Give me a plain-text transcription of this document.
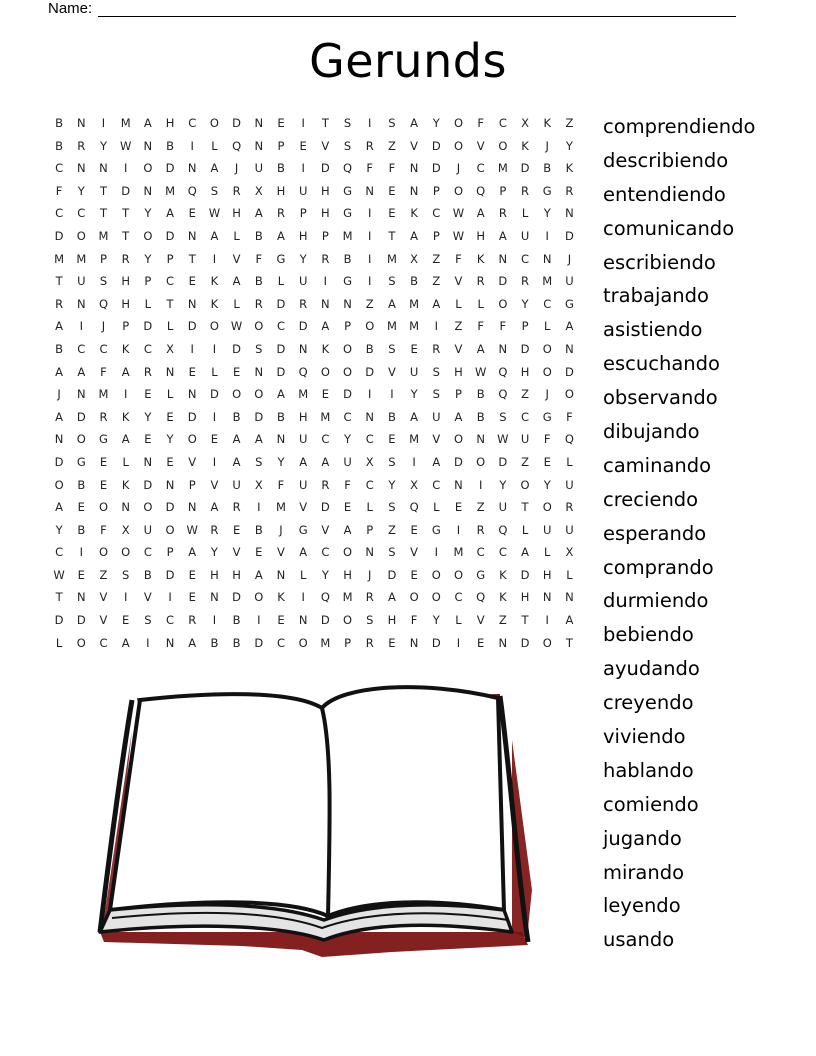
Name:
Gerunds
B	N	I	M	A	H	C	O	D	N	E	I	T	S	I	S	A	Y	O	F	C	X	K	Z
B	R	Y	W	N	B	I	L	Q	N	P	E	V	S	R	Z	V	D	O	V	O	K	J	Y
C	N	N	I	O	D	N	A	J	U	B	I	D	Q	F	F	N	D	J	C	M	D	B	K
F	Y	T	D	N	M	Q	S	R	X	H	U	H	G	N	E	N	P	O	Q	P	R	G	R
C	C	T	T	Y	A	E	W	H	A	R	P	H	G	I	E	K	C	W	A	R	L	Y	N
D	O	M	T	O	D	N	A	L	B	A	H	P	M	I	T	A	P	W	H	A	U	I	D
M	M	P	R	Y	P	T	I	V	F	G	Y	R	B	I	M	X	Z	F	K	N	C	N	J
T	U	S	H	P	C	E	K	A	B	L	U	I	G	I	S	B	Z	V	R	D	R	M	U
R	N	Q	H	L	T	N	K	L	R	D	R	N	N	Z	A	M	A	L	L	O	Y	C	G
A	I	J	P	D	L	D	O	W	O	C	D	A	P	O	M	M	I	Z	F	F	P	L	A
B	C	C	K	C	X	I	I	D	S	D	N	K	O	B	S	E	R	V	A	N	D	O	N
A	A	F	A	R	N	E	L	E	N	D	Q	O	O	D	V	U	S	H	W	Q	H	O	D
J	N	M	I	E	L	N	D	O	O	A	M	E	D	I	I	Y	S	P	B	Q	Z	J	O
A	D	R	K	Y	E	D	I	B	D	B	H	M	C	N	B	A	U	A	B	S	C	G	F
N	O	G	A	E	Y	O	E	A	A	N	U	C	Y	C	E	M	V	O	N	W	U	F	Q
D	G	E	L	N	E	V	I	A	S	Y	A	A	U	X	S	I	A	D	O	D	Z	E	L
O	B	E	K	D	N	P	V	U	X	F	U	R	F	C	Y	X	C	N	I	Y	O	Y	U
A	E	O	N	O	D	N	A	R	I	M	V	D	E	L	S	Q	L	E	Z	U	T	O	R
Y	B	F	X	U	O	W	R	E	B	J	G	V	A	P	Z	E	G	I	R	Q	L	U	U
C	I	O	O	C	P	A	Y	V	E	V	A	C	O	N	S	V	I	M	C	C	A	L	X
W	E	Z	S	B	D	E	H	H	A	N	L	Y	H	J	D	E	O	O	G	K	D	H	L
T	N	V	I	V	I	E	N	D	O	K	I	Q	M	R	A	O	O	C	Q	K	H	N	N
D	D	V	E	S	C	R	I	B	I	E	N	D	O	S	H	F	Y	L	V	Z	T	I	A
L	O	C	A	I	N	A	B	B	D	C	O	M	P	R	E	N	D	I	E	N	D	O	T
comprendiendo
describiendo
entendiendo
comunicando
escribiendo
trabajando
asistiendo
escuchando
observando
dibujando
caminando
creciendo
esperando
comprando
durmiendo
bebiendo
ayudando
creyendo
viviendo
hablando
comiendo
jugando
mirando
leyendo
usando
